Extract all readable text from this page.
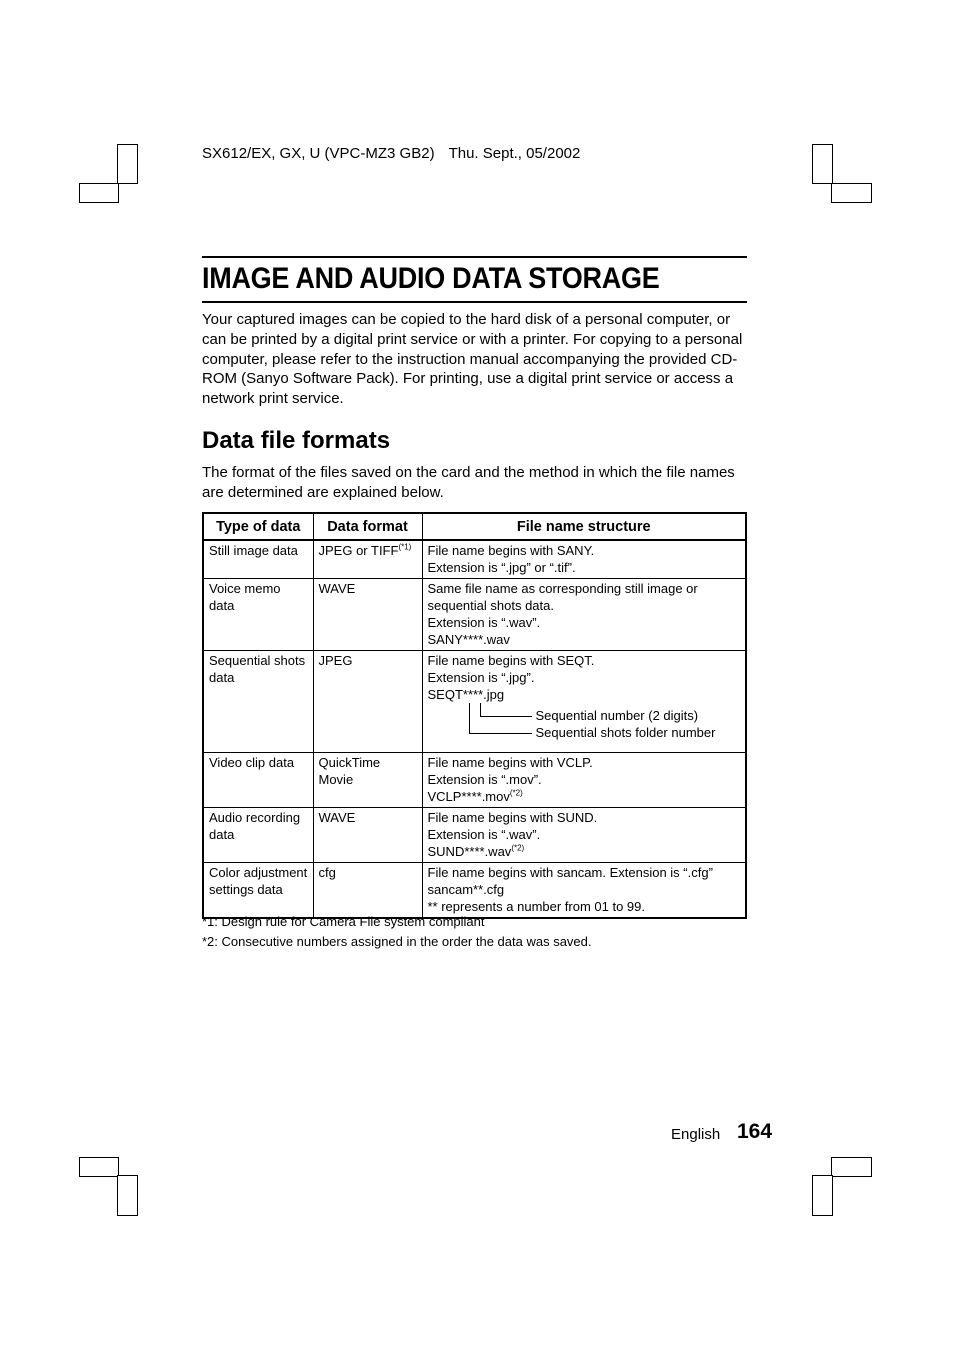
SX612/EX, GX, U (VPC-MZ3 GB2) Thu. Sept., 05/2002
IMAGE AND AUDIO DATA STORAGE

Your captured images can be copied to the hard disk of a personal computer, or can be printed by a digital print service or with a printer. For copying to a personal computer, please refer to the instruction manual accompanying the provided CD-ROM (Sanyo Software Pack). For printing, use a digital print service or access a network print service.

Data file formats

The format of the files saved on the card and the method in which the file names are determined are explained below.

Type of data	Data format	File name structure
Still image data	JPEG or $TIFF^{(*1)}$	File name begins with SANY.
Extension is “.jpg” or “.tif”.

Voice memo data	WAVE	Same file name as corresponding still image or sequential shots data.
Extension is “.wav”.
SANY****.wav

Sequential shots data	JPEG	File name begins with SEQT.
Extension is “.jpg”.
SEQT****.jpg
Sequential number (2 digits)
Sequential shots folder number

Video clip data	QuickTime Movie	File name begins with VCLP.
Extension is “.mov”.
VCLP****.mov$^{(*2)}$

Audio recording data	WAVE	File name begins with SUND.
Extension is “.wav”.
SUND****.wav$^{(*2)}$

Color adjustment settings data	cfg	File name begins with sancam. Extension is “.cfg”
sancam**.cfg
** represents a number from 01 to 99.
*1: Design rule for Camera File system compliant
*2: Consecutive numbers assigned in the order the data was saved.
English 164
